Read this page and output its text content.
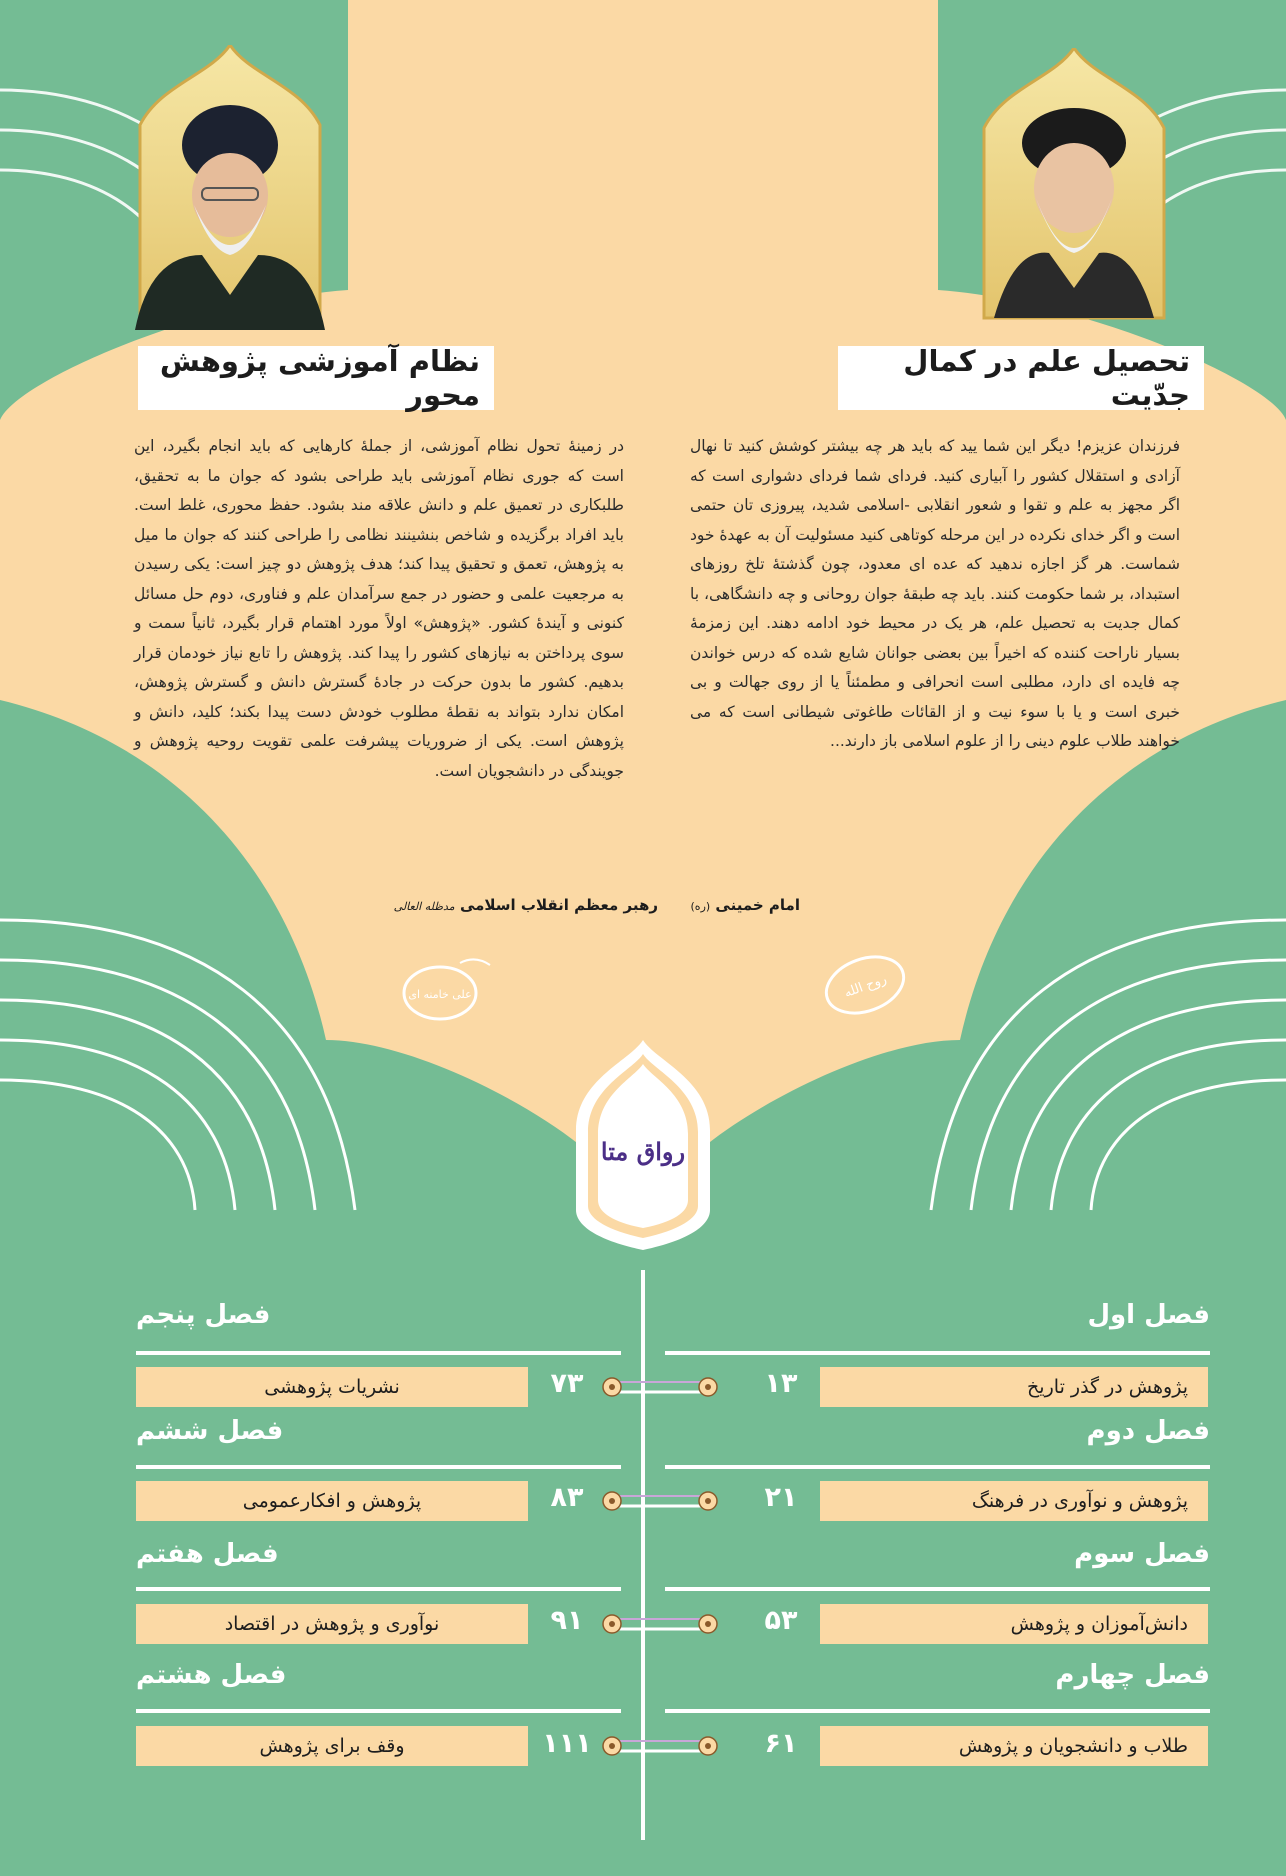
تحصیل علم در کمال جدّیت
نظام آموزشی پژوهش محور
فرزندان عزیزم! دیگر این شما یید که باید هر چه بیشتر کوشش کنید تا نهال آزادی و استقلال کشور را آبیاری کنید. فردای شما فردای دشواری است که اگر مجهز به علم و تقوا و شعور انقلابی -اسلامی شدید، پیروزی تان حتمی است و اگر خدای نکرده در این مرحله کوتاهی کنید مسئولیت آن به عهدهٔ خود شماست. هر گز اجازه ندهید که عده ای معدود، چون گذشتهٔ تلخ روزهای استبداد، بر شما حکومت کنند. باید چه طبقهٔ جوان روحانی و چه دانشگاهی، با کمال جدیت به تحصیل علم، هر یک در محیط خود ادامه دهند. این زمزمهٔ بسیار ناراحت کننده که اخیراً بین بعضی جوانان شایع شده که درس خواندن چه فایده ای دارد، مطلبی است انحرافی و مطمئناً یا از روی جهالت و بی خبری است و یا با سوء نیت و از القائات طاغوتی شیطانی است که می خواهند طلاب علوم دینی را از علوم اسلامی باز دارند...
در زمینهٔ تحول نظام آموزشی، از جملهٔ کارهایی که باید انجام بگیرد، این است که جوری نظام آموزشی باید طراحی بشود که جوان ما به تحقیق، طلبکاری در تعمیق علم و دانش علاقه مند بشود. حفظ محوری، غلط است. باید افراد برگزیده و شاخص بنشینند نظامی را طراحی کنند که جوان ما میل به پژوهش، تعمق و تحقیق پیدا کند؛ هدف پژوهش دو چیز است: یکی رسیدن به مرجعیت علمی و حضور در جمع سرآمدان علم و فناوری، دوم حل مسائل کنونی و آیندهٔ کشور. «پژوهش» اولاً مورد اهتمام قرار بگیرد، ثانیاً سمت و سوی پرداختن به نیازهای کشور را پیدا کند. پژوهش را تابع نیاز خودمان قرار بدهیم. کشور ما بدون حرکت در جادهٔ گسترش دانش و گسترش پژوهش، امکان ندارد بتواند به نقطهٔ مطلوب خودش دست پیدا بکند؛ کلید، دانش و پژوهش است. یکی از ضروریات پیشرفت علمی تقویت روحیه پژوهش و جویندگی در دانشجویان است.
امام خمینی (ره)
رهبر معظم انقلاب اسلامی مدظله العالی
روح الله
علی خامنه ای
رواق متا
فصل اول
پژوهش در گذر تاریخ
۱۳
فصل دوم
پژوهش و نوآوری در فرهنگ
۲۱
فصل سوم
دانش‌آموزان و پژوهش
۵۳
فصل چهارم
طلاب و دانشجویان و پژوهش
۶۱
فصل پنجم
نشریات پژوهشی	۷۳
فصل ششم
پژوهش و افکارعمومی	۸۳
فصل هفتم
نوآوری و پژوهش در اقتصاد	۹۱
فصل هشتم
وقف برای پژوهش	۱۱۱
